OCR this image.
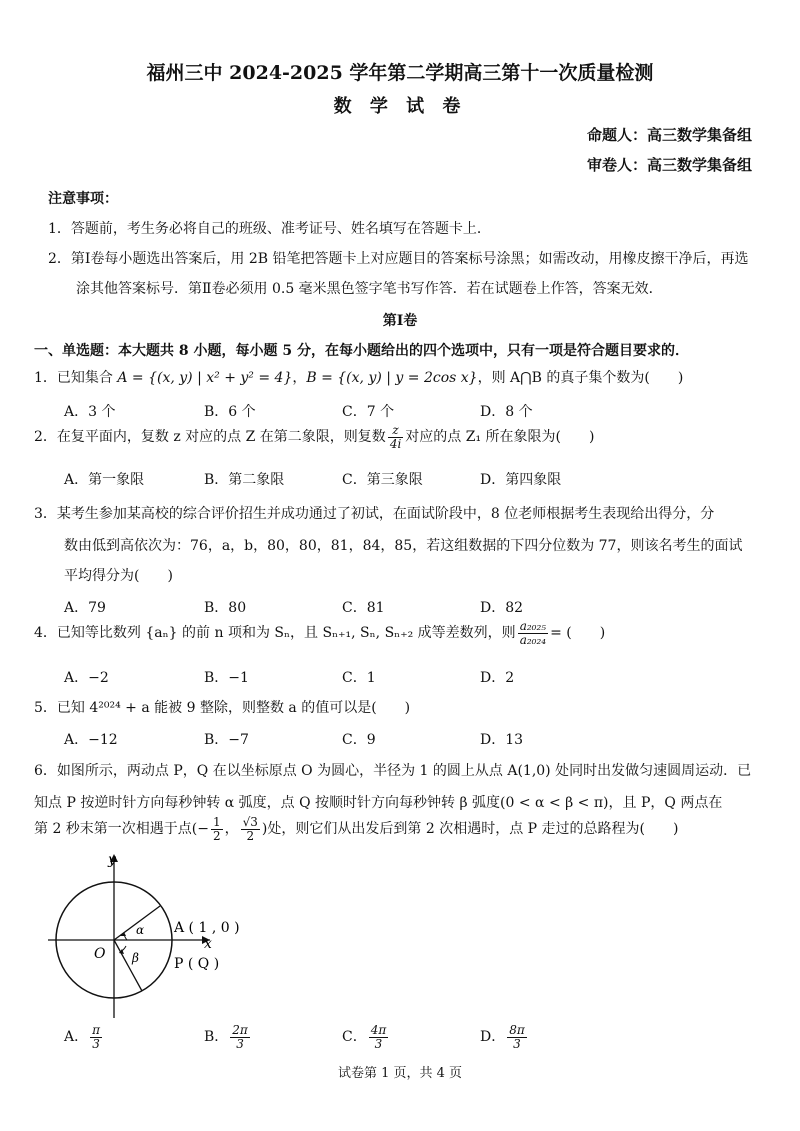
福州三中 2024-2025 学年第二学期高三第十一次质量检测
数 学 试 卷
命题人：高三数学集备组
审卷人：高三数学集备组
注意事项：
1．答题前，考生务必将自己的班级、准考证号、姓名填写在答题卡上．
2．第Ⅰ卷每小题选出答案后，用 2B 铅笔把答题卡上对应题目的答案标号涂黑；如需改动，用橡皮擦干净后，再选
涂其他答案标号．第Ⅱ卷必须用 0.5 毫米黑色签字笔书写作答．若在试题卷上作答，答案无效．
第Ⅰ卷
一、单选题：本大题共 8 小题，每小题 5 分，在每小题给出的四个选项中，只有一项是符合题目要求的．
1．已知集合 A = {(x, y) | x² + y² = 4}，B = {(x, y) | y = 2cos x}，则 A⋂B 的真子集个数为(　　)
A．3 个	B．6 个	C．7 个	D．8 个
2．在复平面内，复数 z 对应的点 Z 在第二象限，则复数 $\frac{z}{4i}$ 对应的点 Z₁ 所在象限为(　　)
A．第一象限	B．第二象限	C．第三象限	D．第四象限
3．某考生参加某高校的综合评价招生并成功通过了初试，在面试阶段中，8 位老师根据考生表现给出得分，分
数由低到高依次为：76，a，b，80，80，81，84，85，若这组数据的下四分位数为 77，则该名考生的面试
平均得分为(　　)
A．79	B．80	C．81	D．82
4．已知等比数列 {aₙ} 的前 n 项和为 Sₙ，且 Sₙ₊₁, Sₙ, Sₙ₊₂ 成等差数列，则 $\frac{\text{a₂₀₂₅}}{\text{a₂₀₂₄}}$ = (　　)
A．−2	B．−1	C．1	D．2
5．已知 4²⁰²⁴ + a 能被 9 整除，则整数 a 的值可以是(　　)
A．−12	B．−7	C．9	D．13
6．如图所示，两动点 P，Q 在以坐标原点 O 为圆心，半径为 1 的圆上从点 A(1,0) 处同时出发做匀速圆周运动．已
知点 P 按逆时针方向每秒钟转 α 弧度，点 Q 按顺时针方向每秒钟转 β 弧度(0 < α < β < π)，且 P，Q 两点在
第 2 秒末第一次相遇于点(− $\frac{1}{2}$ ， $\frac{√3}{2}$ )处，则它们从出发后到第 2 次相遇时，点 P 走过的总路程为(　　)
y
x
O
α
β
A ( 1 , 0 )
P ( Q )
A． $\frac{\pi}{3}$	B． $\frac{2\pi}{3}$	C． $\frac{4\pi}{3}$	D． $\frac{8\pi}{3}$
试卷第 1 页，共 4 页
